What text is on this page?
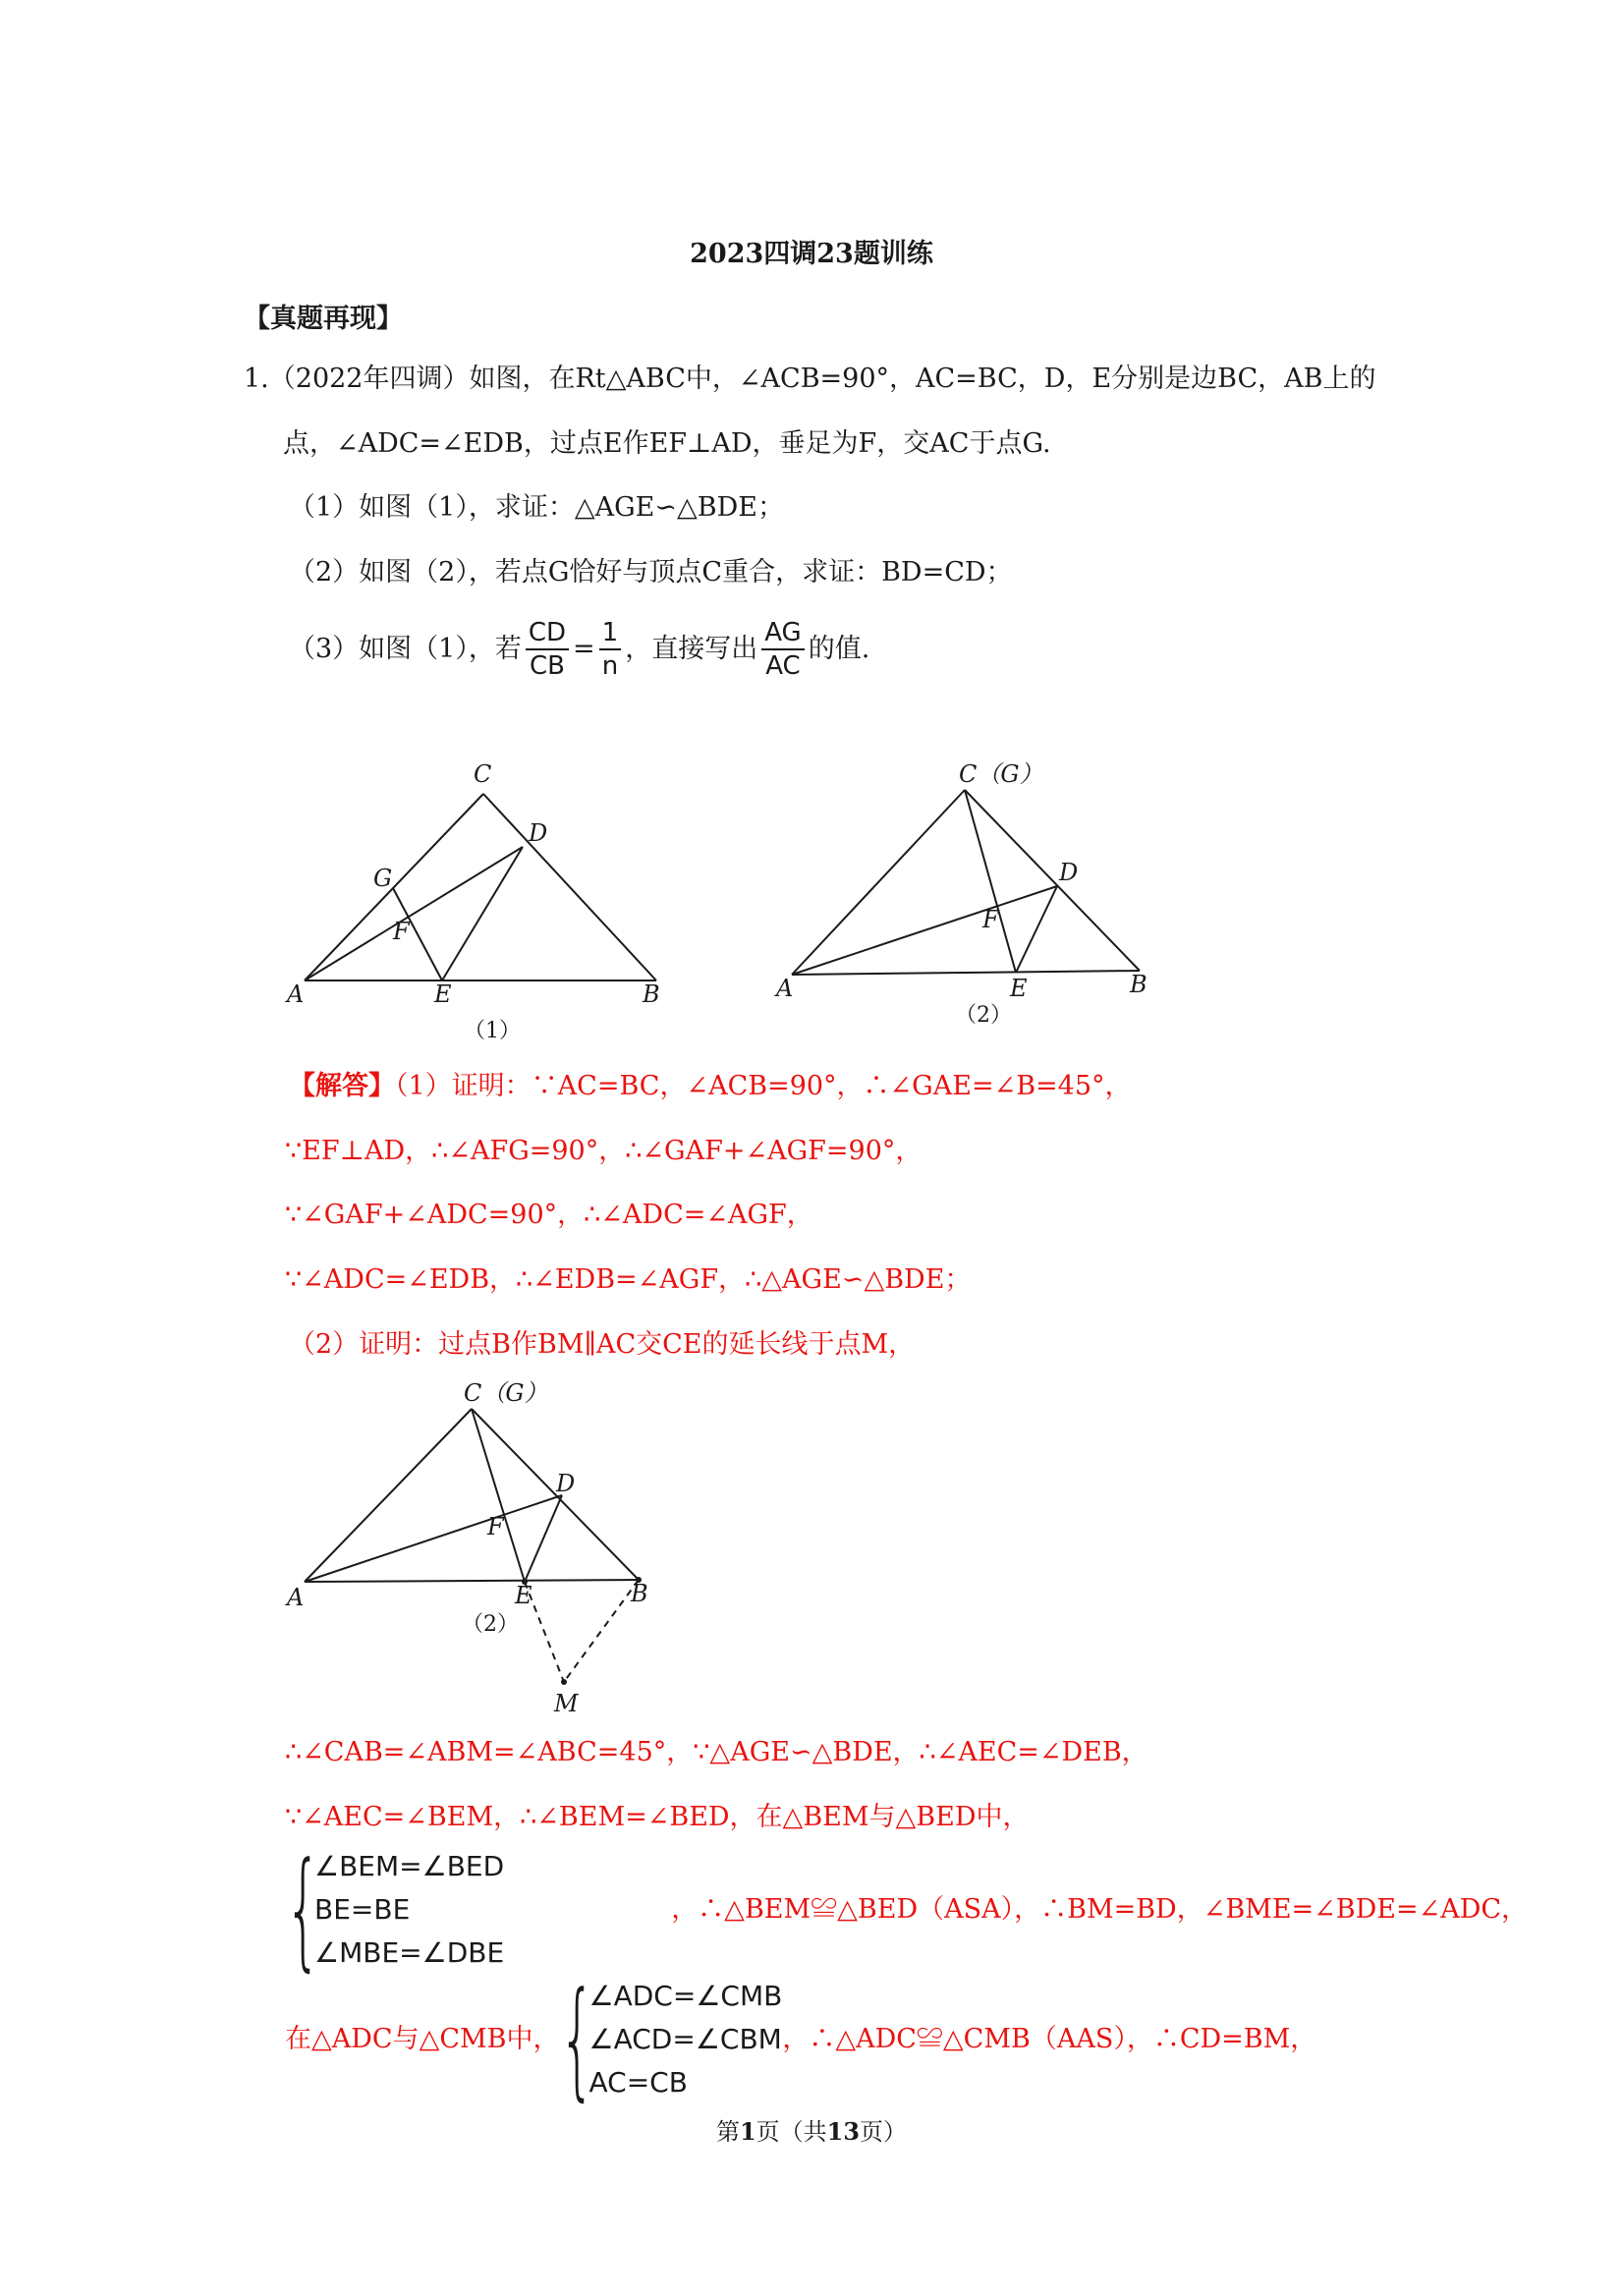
2023四调23题训练
【真题再现】
1.（2022年四调）如图，在Rt△ABC中，∠ACB=90°，AC=BC，D，E分别是边BC，AB上的
点，∠ADC=∠EDB，过点E作EF⊥AD，垂足为F，交AC于点G.
（1）如图（1），求证：△AGE∽△BDE；
（2）如图（2），若点G恰好与顶点C重合，求证：BD=CD；
（3）如图（1），若 $\frac{CD}{CB} = \frac{1}{n}$ ，直接写出 $\frac{AG}{AC}$ 的值.
C
D
G
F
A	E	B
（1）
C（G）
D
F
A	E	B
（2）
【解答】（1）证明：∵AC=BC，∠ACB=90°，∴∠GAE=∠B=45°，
∵EF⊥AD，∴∠AFG=90°，∴∠GAF+∠AGF=90°，
∵∠GAF+∠ADC=90°，∴∠ADC=∠AGF，
∵∠ADC=∠EDB，∴∠EDB=∠AGF，∴△AGE∽△BDE；
（2）证明：过点B作BM∥AC交CE的延长线于点M，
C（G）
D
F
A	E	B
M
（2）
∴∠CAB=∠ABM=∠ABC=45°，∵△AGE∽△BDE，∴∠AEC=∠DEB，
∵∠AEC=∠BEM，∴∠BEM=∠BED，在△BEM与△BED中，
{
∠BEM=∠BED
BE=BE
∠MBE=∠DBE
，∴△BEM≌△BED（ASA），∴BM=BD，∠BME=∠BDE=∠ADC，
在△ADC与△CMB中， {
∠ADC=∠CMB
∠ACD=∠CBM
AC=CB
，∴△ADC≌△CMB（AAS），∴CD=BM，
第1页（共13页）
